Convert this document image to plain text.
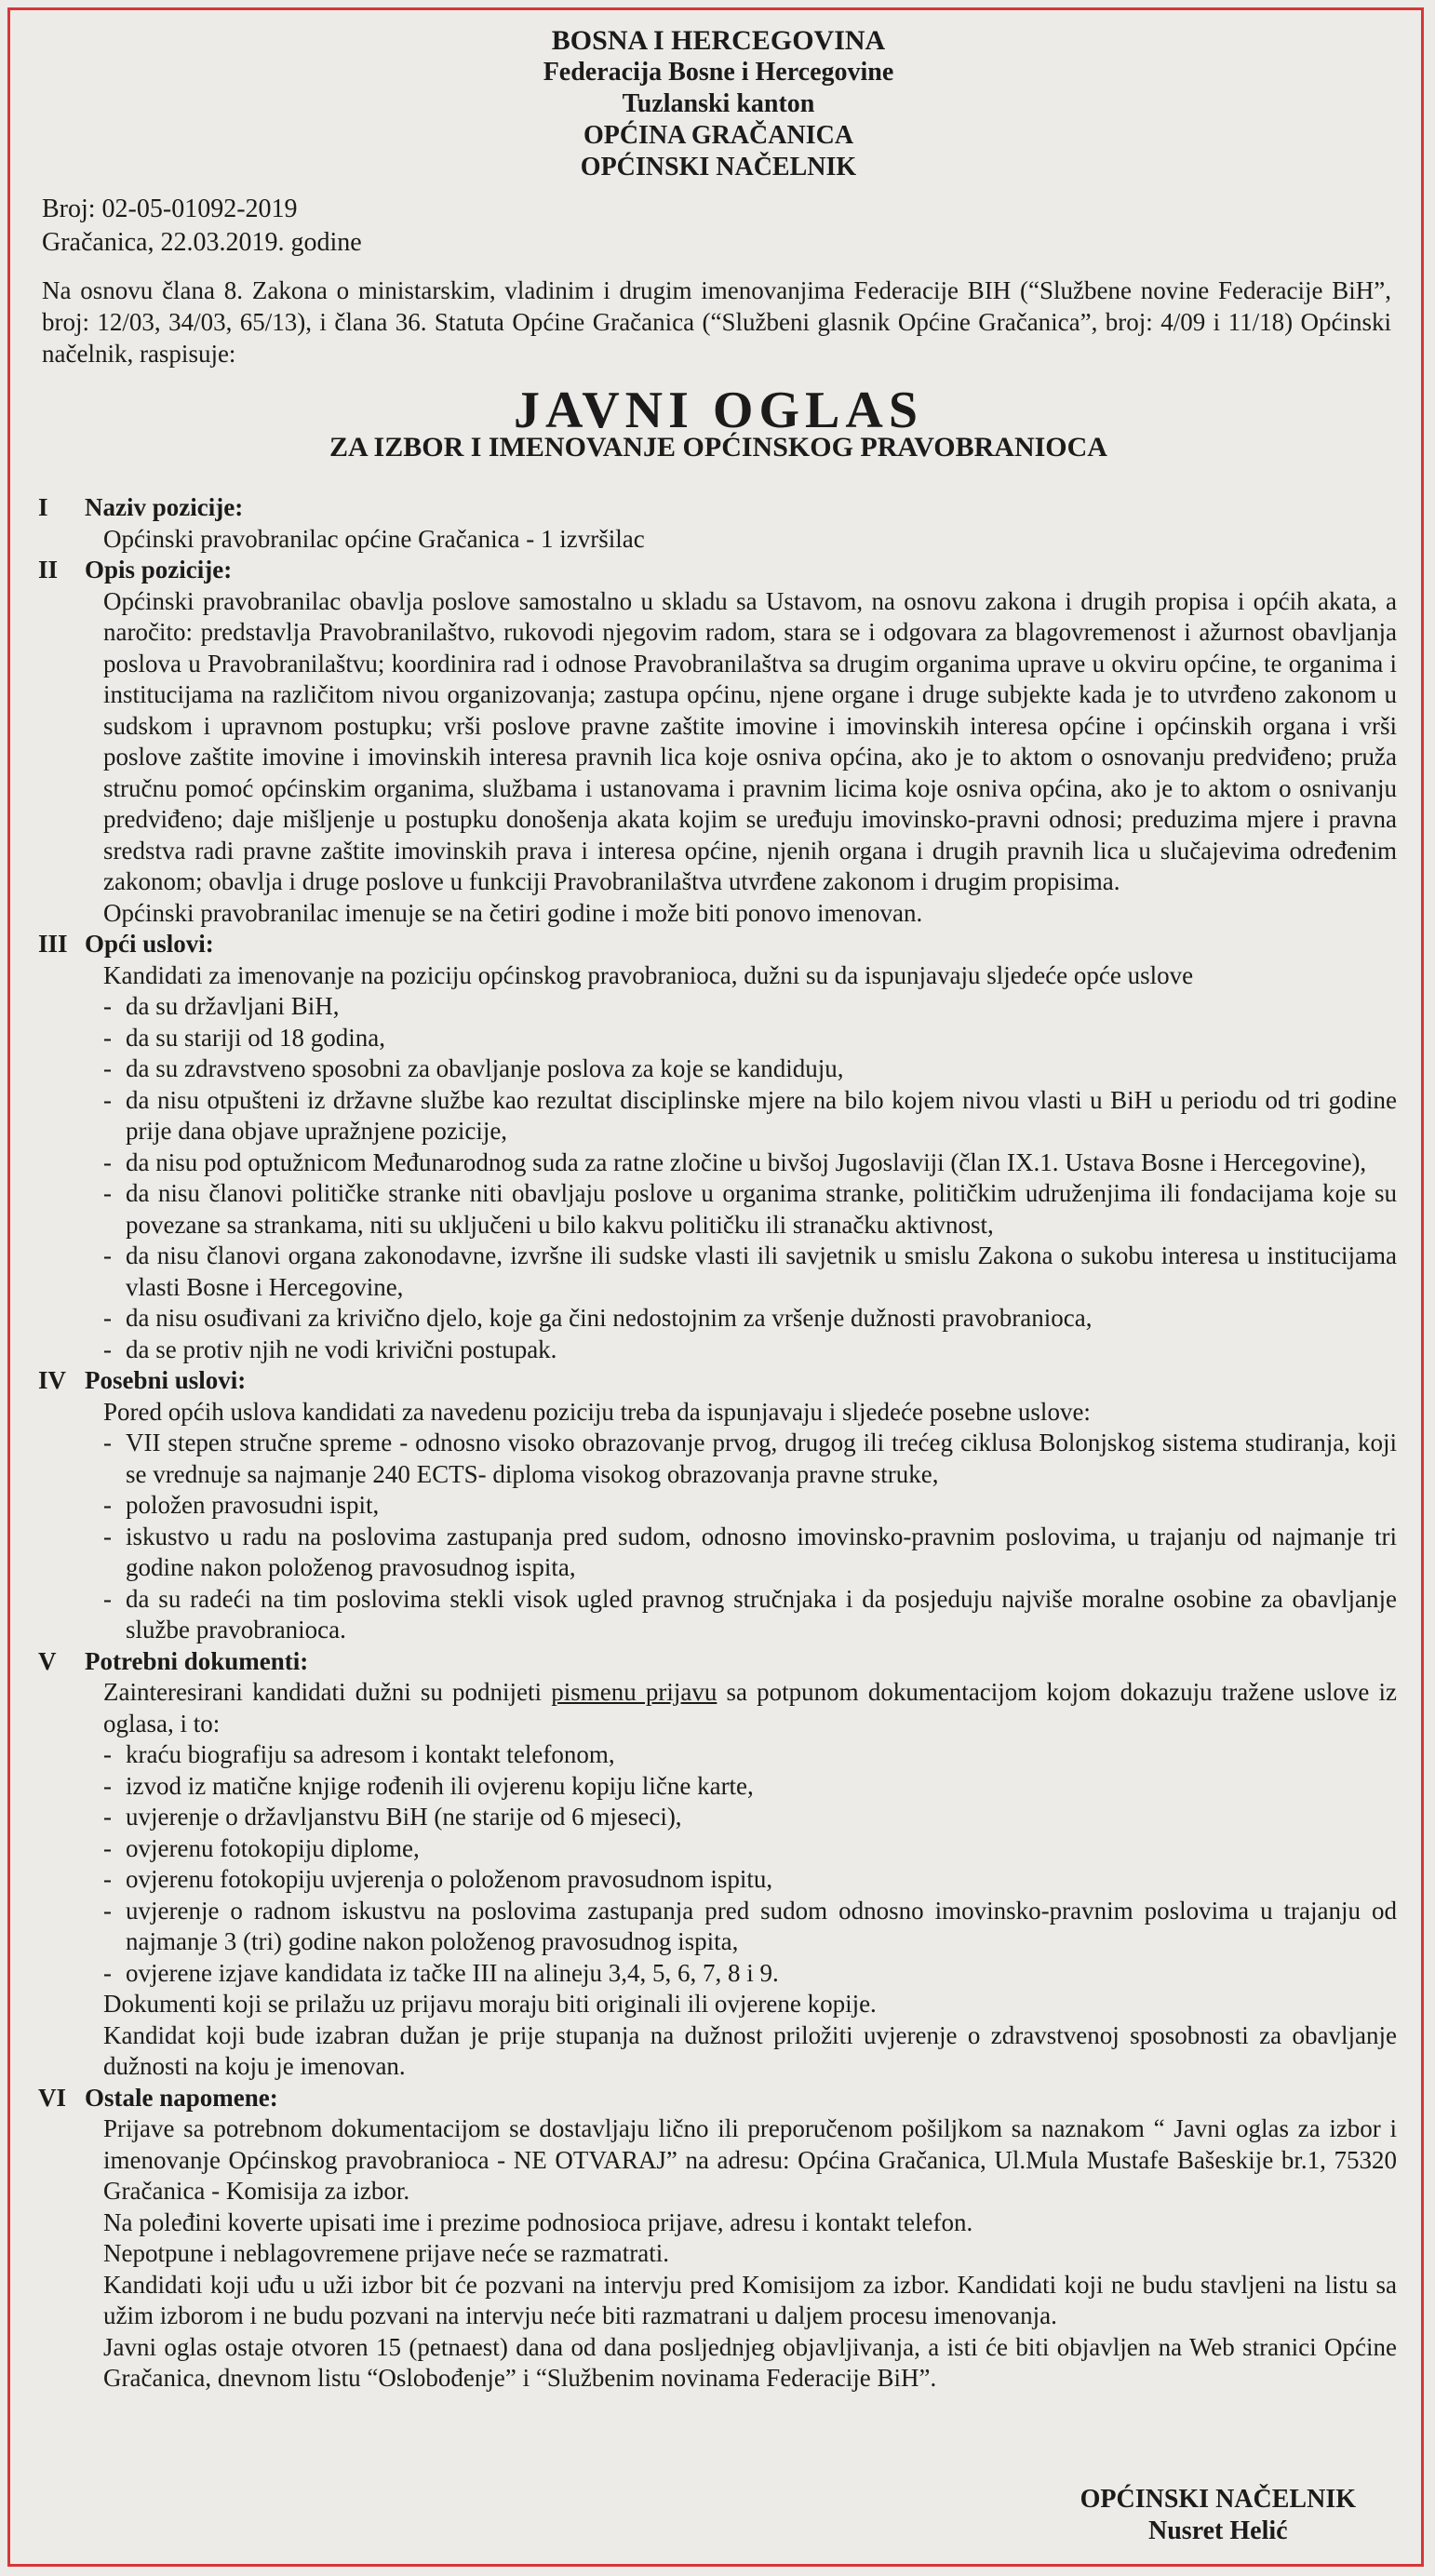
BOSNA I HERCEGOVINA
Federacija Bosne i Hercegovine
Tuzlanski kanton
OPĆINA GRAČANICA
OPĆINSKI NAČELNIK
Broj: 02-05-01092-2019
Gračanica, 22.03.2019. godine
Na osnovu člana 8. Zakona o ministarskim, vladinim i drugim imenovanjima Federacije BIH (“Službene novine Federacije BiH”, broj: 12/03, 34/03, 65/13), i člana 36. Statuta Općine Gračanica (“Službeni glasnik Općine Gračanica”, broj: 4/09 i 11/18) Općinski načelnik, raspisuje:
JAVNI OGLAS
ZA IZBOR I IMENOVANJE OPĆINSKOG PRAVOBRANIOCA
I Naziv pozicije:
Općinski pravobranilac općine Gračanica - 1 izvršilac
II Opis pozicije:
Općinski pravobranilac obavlja poslove samostalno u skladu sa Ustavom, na osnovu zakona i drugih propisa i općih akata, a naročito: predstavlja Pravobranilaštvo, rukovodi njegovim radom, stara se i odgovara za blagovremenost i ažurnost obavljanja poslova u Pravobranilaštvu; koordinira rad i odnose Pravobranilaštva sa drugim organima uprave u okviru općine, te organima i institucijama na različitom nivou organizovanja; zastupa općinu, njene organe i druge subjekte kada je to utvrđeno zakonom u sudskom i upravnom postupku; vrši poslove pravne zaštite imovine i imovinskih interesa općine i općinskih organa i vrši poslove zaštite imovine i imovinskih interesa pravnih lica koje osniva općina, ako je to aktom o osnovanju predviđeno; pruža stručnu pomoć općinskim organima, službama i ustanovama i pravnim licima koje osniva općina, ako je to aktom o osnivanju predviđeno; daje mišljenje u postupku donošenja akata kojim se uređuju imovinsko-pravni odnosi; preduzima mjere i pravna sredstva radi pravne zaštite imovinskih prava i interesa općine, njenih organa i drugih pravnih lica u slučajevima određenim zakonom; obavlja i druge poslove u funkciji Pravobranilaštva utvrđene zakonom i drugim propisima.
Općinski pravobranilac imenuje se na četiri godine i može biti ponovo imenovan.
III Opći uslovi:
Kandidati za imenovanje na poziciju općinskog pravobranioca, dužni su da ispunjavaju sljedeće opće uslove
- da su državljani BiH,
- da su stariji od 18 godina,
- da su zdravstveno sposobni za obavljanje poslova za koje se kandiduju,
- da nisu otpušteni iz državne službe kao rezultat disciplinske mjere na bilo kojem nivou vlasti u BiH u periodu od tri godine prije dana objave upražnjene pozicije,
- da nisu pod optužnicom Međunarodnog suda za ratne zločine u bivšoj Jugoslaviji (član IX.1. Ustava Bosne i Hercegovine),
- da nisu članovi političke stranke niti obavljaju poslove u organima stranke, političkim udruženjima ili fondacijama koje su povezane sa strankama, niti su uključeni u bilo kakvu političku ili stranačku aktivnost,
- da nisu članovi organa zakonodavne, izvršne ili sudske vlasti ili savjetnik u smislu Zakona o sukobu interesa u institucijama vlasti Bosne i Hercegovine,
- da nisu osuđivani za krivično djelo, koje ga čini nedostojnim za vršenje dužnosti pravobranioca,
- da se protiv njih ne vodi krivični postupak.
IV Posebni uslovi:
Pored općih uslova kandidati za navedenu poziciju treba da ispunjavaju i sljedeće posebne uslove:
- VII stepen stručne spreme - odnosno visoko obrazovanje prvog, drugog ili trećeg ciklusa Bolonjskog sistema studiranja, koji se vrednuje sa najmanje 240 ECTS- diploma visokog obrazovanja pravne struke,
- položen pravosudni ispit,
- iskustvo u radu na poslovima zastupanja pred sudom, odnosno imovinsko-pravnim poslovima, u trajanju od najmanje tri godine nakon položenog pravosudnog ispita,
- da su radeći na tim poslovima stekli visok ugled pravnog stručnjaka i da posjeduju najviše moralne osobine za obavljanje službe pravobranioca.
V Potrebni dokumenti:
Zainteresirani kandidati dužni su podnijeti pismenu prijavu sa potpunom dokumentacijom kojom dokazuju tražene uslove iz oglasa, i to:
- kraću biografiju sa adresom i kontakt telefonom,
- izvod iz matične knjige rođenih ili ovjerenu kopiju lične karte,
- uvjerenje o državljanstvu BiH (ne starije od 6 mjeseci),
- ovjerenu fotokopiju diplome,
- ovjerenu fotokopiju uvjerenja o položenom pravosudnom ispitu,
- uvjerenje o radnom iskustvu na poslovima zastupanja pred sudom odnosno imovinsko-pravnim poslovima u trajanju od najmanje 3 (tri) godine nakon položenog pravosudnog ispita,
- ovjerene izjave kandidata iz tačke III na alineju 3,4, 5, 6, 7, 8 i 9.
Dokumenti koji se prilažu uz prijavu moraju biti originali ili ovjerene kopije.
Kandidat koji bude izabran dužan je prije stupanja na dužnost priložiti uvjerenje o zdravstvenoj sposobnosti za obavljanje dužnosti na koju je imenovan.
VI Ostale napomene:
Prijave sa potrebnom dokumentacijom se dostavljaju lično ili preporučenom pošiljkom sa naznakom “ Javni oglas za izbor i imenovanje Općinskog pravobranioca - NE OTVARAJ” na adresu: Općina Gračanica, Ul.Mula Mustafe Bašeskije br.1, 75320 Gračanica - Komisija za izbor.
Na poleđini koverte upisati ime i prezime podnosioca prijave, adresu i kontakt telefon.
Nepotpune i neblagovremene prijave neće se razmatrati.
Kandidati koji uđu u uži izbor bit će pozvani na intervju pred Komisijom za izbor. Kandidati koji ne budu stavljeni na listu sa užim izborom i ne budu pozvani na intervju neće biti razmatrani u daljem procesu imenovanja.
Javni oglas ostaje otvoren 15 (petnaest) dana od dana posljednjeg objavljivanja, a isti će biti objavljen na Web stranici Općine Gračanica, dnevnom listu “Oslobođenje” i “Službenim novinama Federacije BiH”.
OPĆINSKI NAČELNIK
Nusret Helić
